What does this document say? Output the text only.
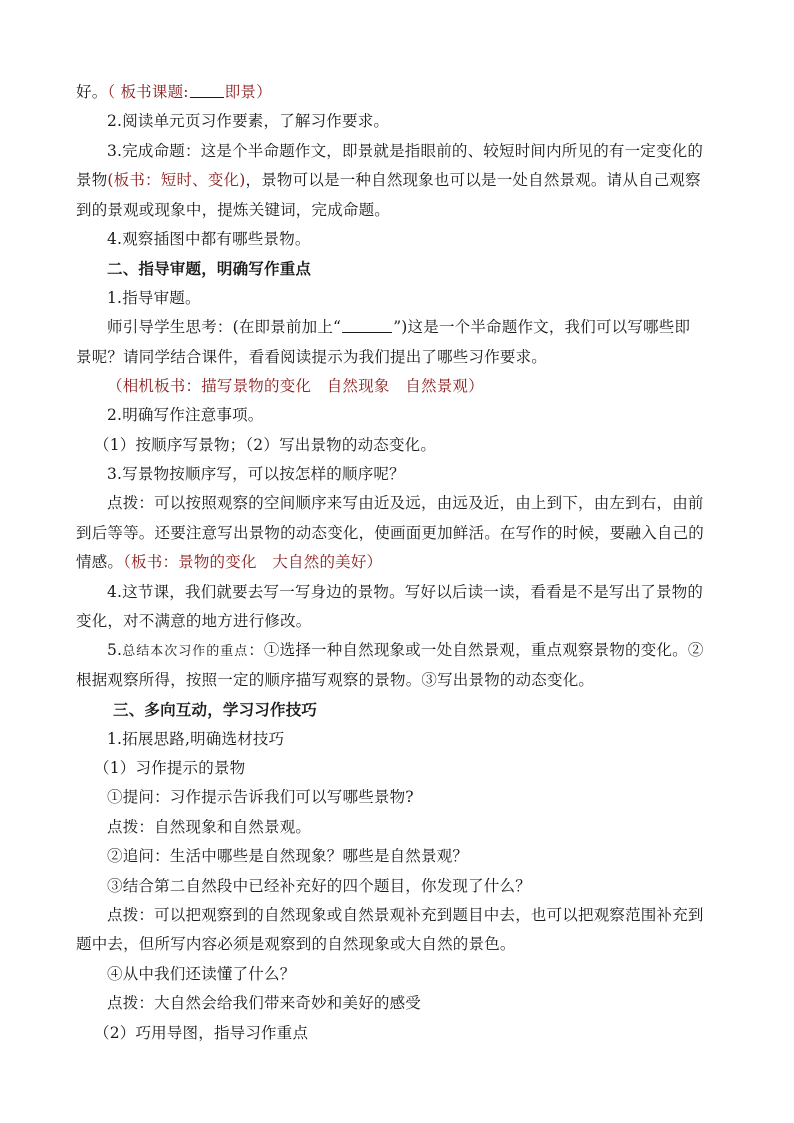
好。（ 板书课题: 即景）
2.阅读单元页习作要素，了解习作要求。
3.完成命题：这是个半命题作文，即景就是指眼前的、较短时间内所见的有一定变化的
景物(板书：短时、变化)，景物可以是一种自然现象也可以是一处自然景观。请从自己观察
到的景观或现象中，提炼关键词，完成命题。
4.观察插图中都有哪些景物。
二、指导审题，明确写作重点
1.指导审题。
师引导学生思考：(在即景前加上“	”)这是一个半命题作文，我们可以写哪些即
景呢？请同学结合课件，看看阅读提示为我们提出了哪些习作要求。
（相机板书：描写景物的变化　自然现象　自然景观）
2.明确写作注意事项。
（1）按顺序写景物；（2）写出景物的动态变化。
3.写景物按顺序写，可以按怎样的顺序呢？
点拨：可以按照观察的空间顺序来写由近及远，由远及近，由上到下，由左到右，由前
到后等等。还要注意写出景物的动态变化，使画面更加鲜活。在写作的时候，要融入自己的
情感。（板书：景物的变化　大自然的美好）
4.这节课，我们就要去写一写身边的景物。写好以后读一读，看看是不是写出了景物的
变化，对不满意的地方进行修改。
5.总结本次习作的重点：①选择一种自然现象或一处自然景观，重点观察景物的变化。②
根据观察所得，按照一定的顺序描写观察的景物。③写出景物的动态变化。
三、多向互动，学习习作技巧
1.拓展思路,明确选材技巧
（1）习作提示的景物
①提问：习作提示告诉我们可以写哪些景物?
点拨：自然现象和自然景观。
②追问：生活中哪些是自然现象？哪些是自然景观？
③结合第二自然段中已经补充好的四个题目，你发现了什么？
点拨：可以把观察到的自然现象或自然景观补充到题目中去，也可以把观察范围补充到
题中去，但所写内容必须是观察到的自然现象或大自然的景色。
④从中我们还读懂了什么？
点拨：大自然会给我们带来奇妙和美好的感受
（2）巧用导图，指导习作重点
